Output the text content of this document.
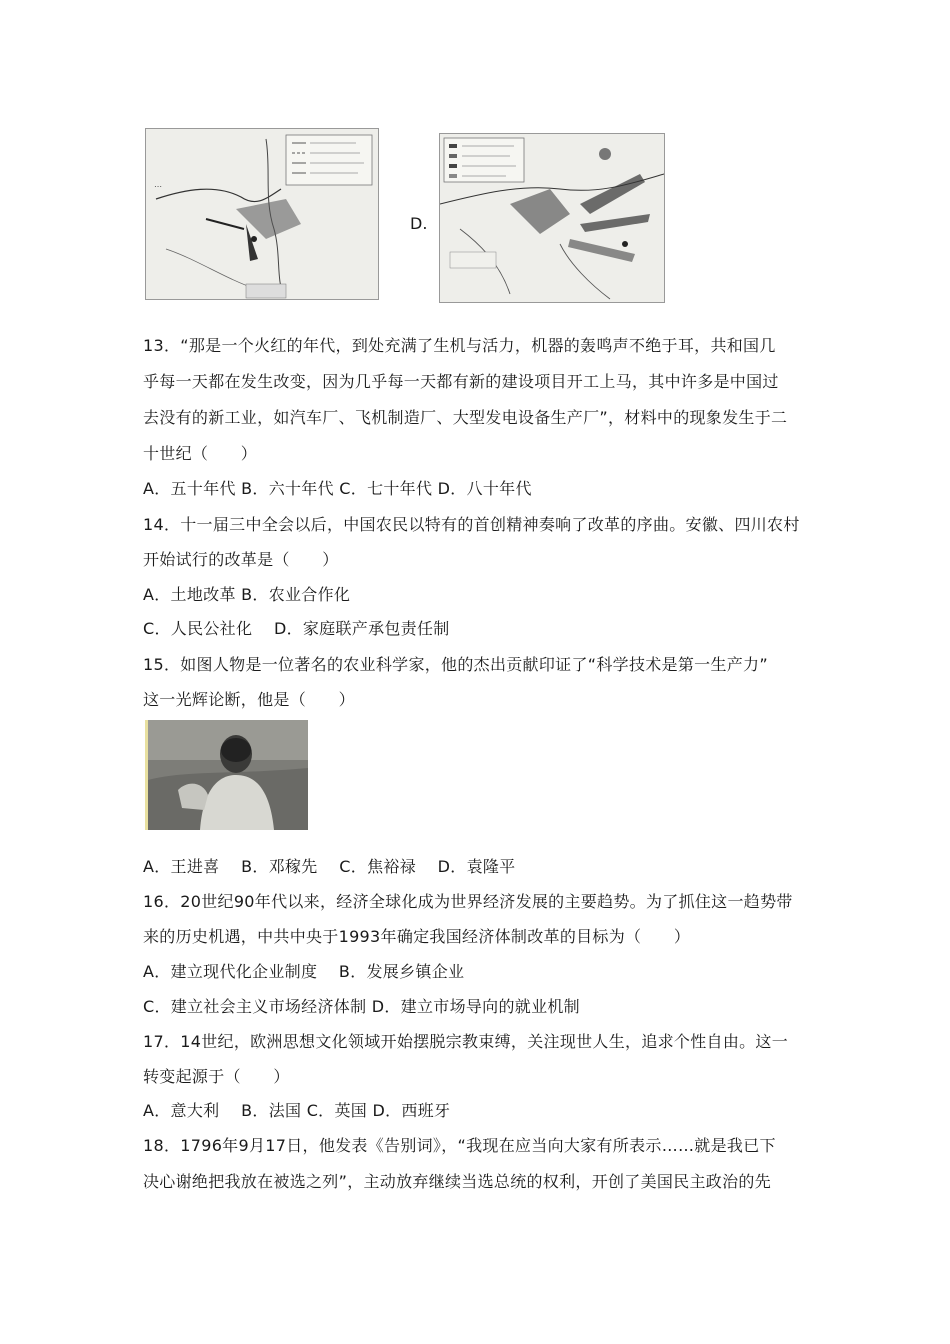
⋯
D.
13．“那是一个火红的年代，到处充满了生机与活力，机器的轰鸣声不绝于耳，共和国几
乎每一天都在发生改变，因为几乎每一天都有新的建设项目开工上马，其中许多是中国过
去没有的新工业，如汽车厂、飞机制造厂、大型发电设备生产厂”，材料中的现象发生于二
十世纪（　　）
A．五十年代 B．六十年代 C．七十年代 D．八十年代
14．十一届三中全会以后，中国农民以特有的首创精神奏响了改革的序曲。安徽、四川农村
开始试行的改革是（　　）
A．土地改革 B．农业合作化
C．人民公社化　 D．家庭联产承包责任制
15．如图人物是一位著名的农业科学家，他的杰出贡献印证了“科学技术是第一生产力”
这一光辉论断，他是（　　）
A．王进喜　 B．邓稼先　 C．焦裕禄　 D．袁隆平
16．20世纪90年代以来，经济全球化成为世界经济发展的主要趋势。为了抓住这一趋势带
来的历史机遇，中共中央于1993年确定我国经济体制改革的目标为（　　）
A．建立现代化企业制度　 B．发展乡镇企业
C．建立社会主义市场经济体制 D．建立市场导向的就业机制
17．14世纪，欧洲思想文化领域开始摆脱宗教束缚，关注现世人生，追求个性自由。这一
转变起源于（　　）
A．意大利　 B．法国 C．英国 D．西班牙
18．1796年9月17日，他发表《告别词》，“我现在应当向大家有所表示……就是我已下
决心谢绝把我放在被选之列”，主动放弃继续当选总统的权利，开创了美国民主政治的先
